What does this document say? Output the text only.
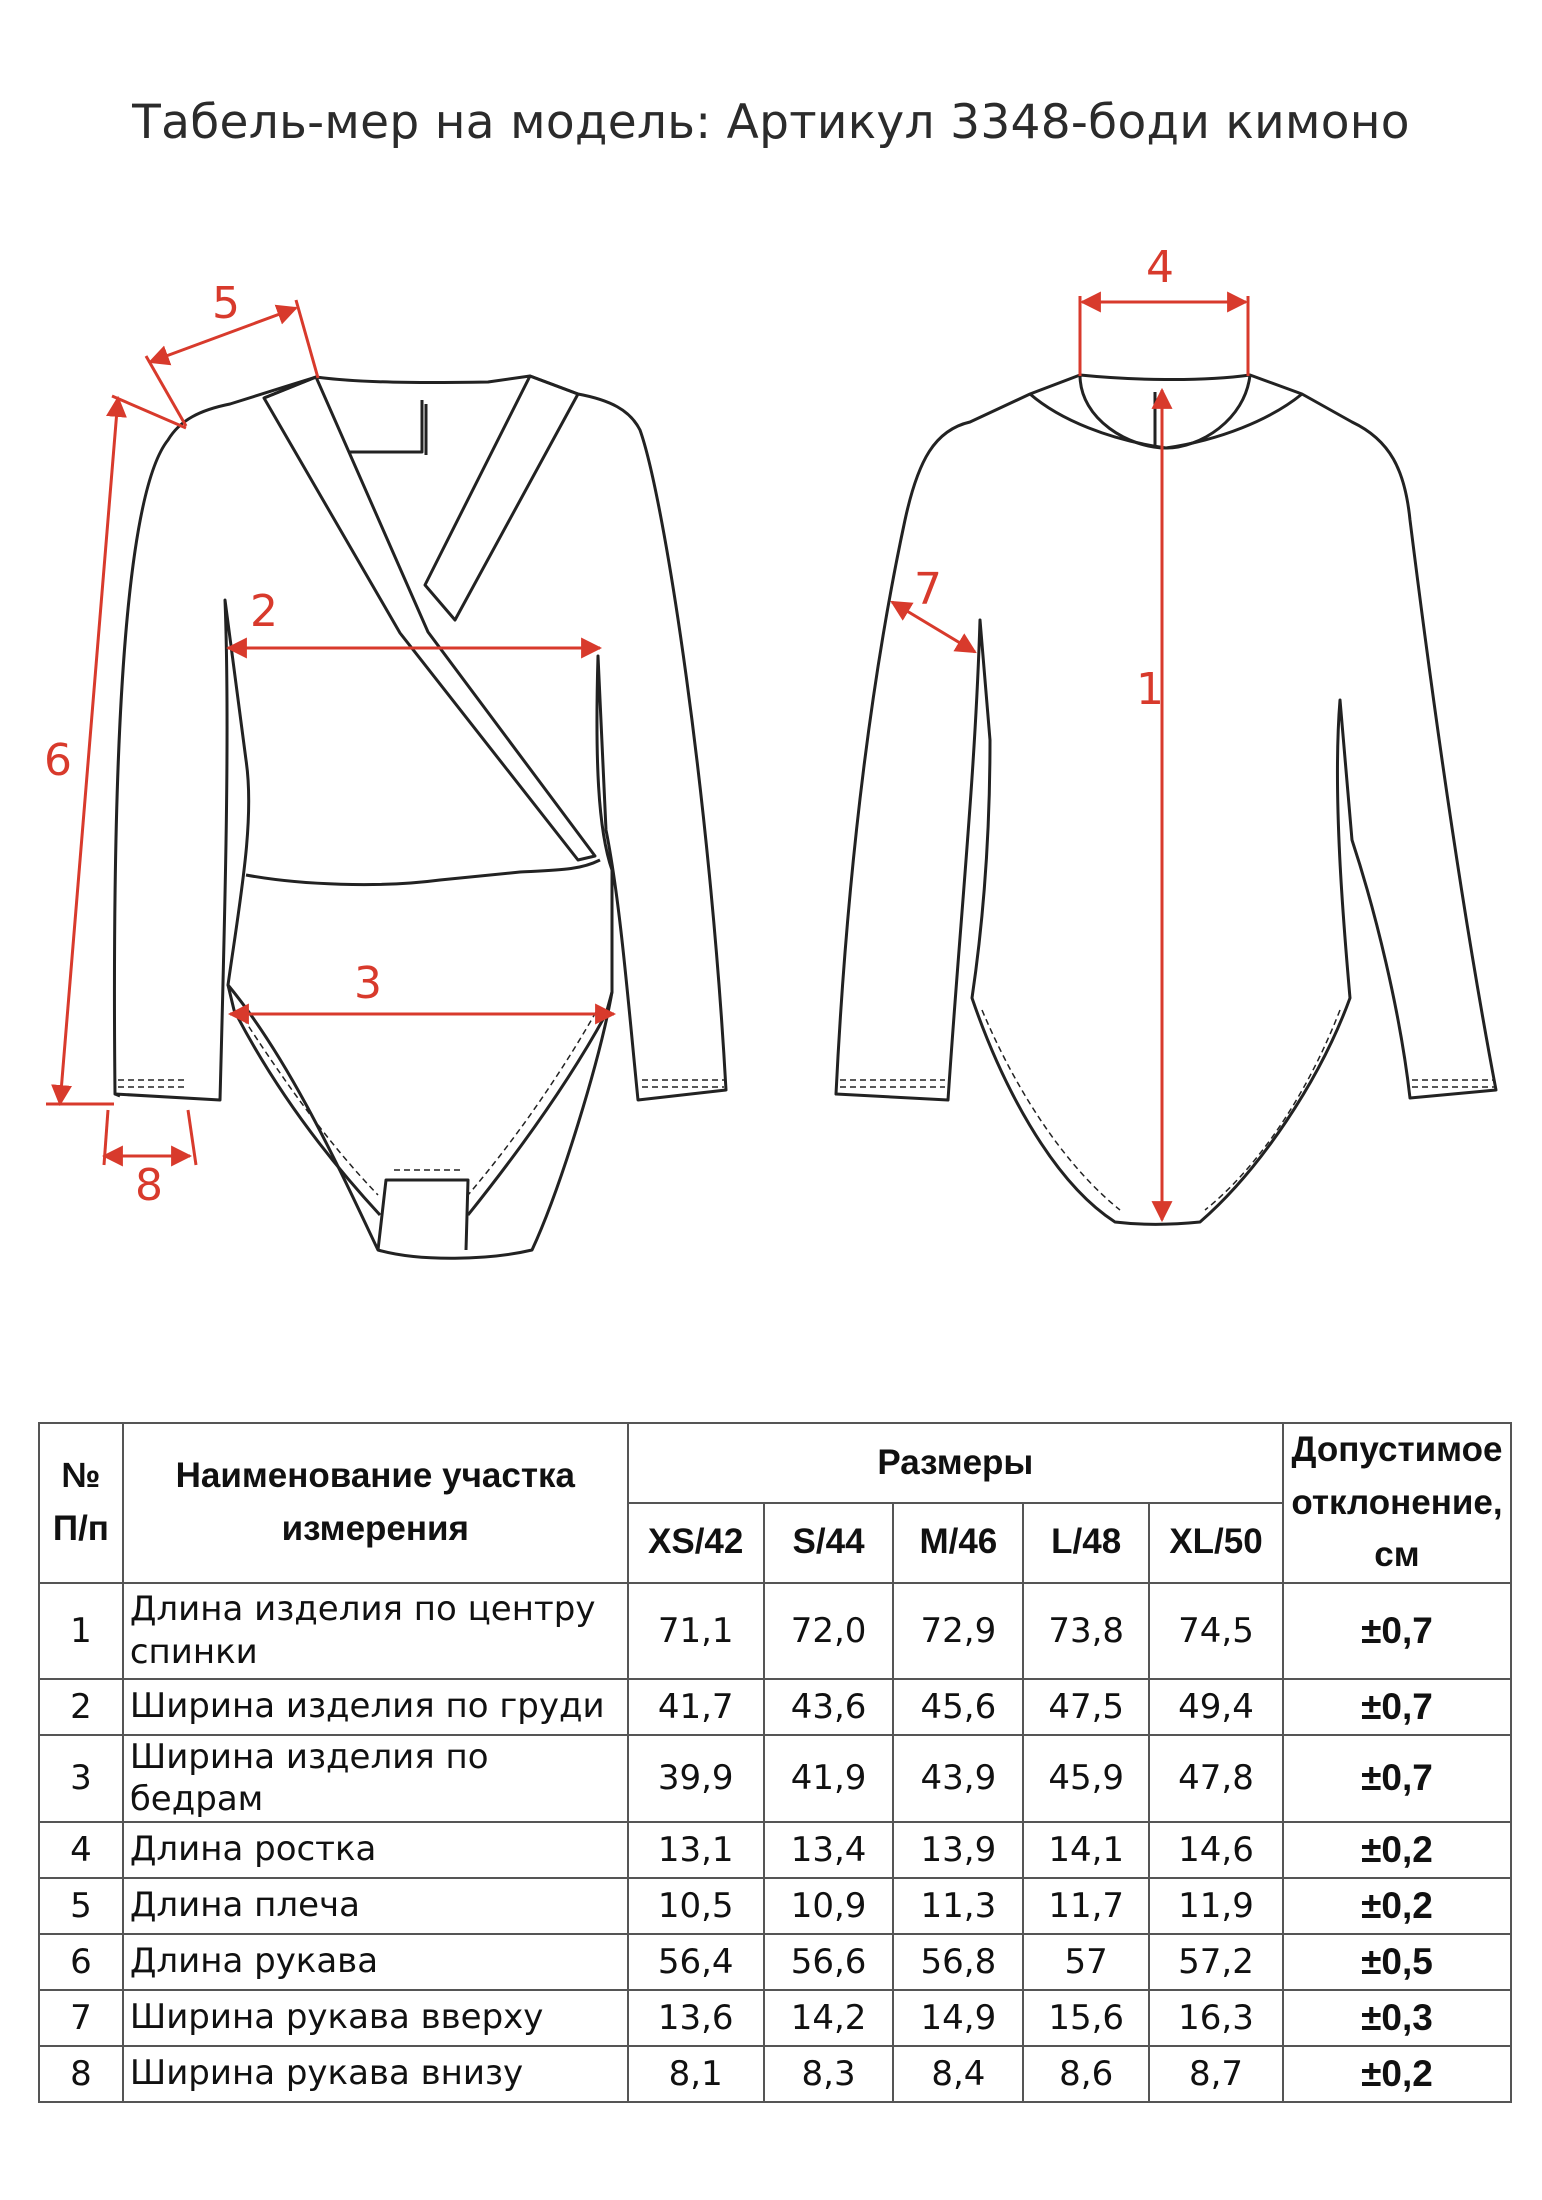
Табель-мер на модель: Артикул 3348-боди кимоно
5
6
8
2
3
4
1
7
№ П/п	Наименование участка измерения	Размеры					Допустимое отклонение, см
		XS/42	S/44	M/46	L/48	XL/50	
1	Длина изделия по центру спинки	71,1	72,0	72,9	73,8	74,5	±0,7
2	Ширина изделия по груди	41,7	43,6	45,6	47,5	49,4	±0,7
3	Ширина изделия по бедрам	39,9	41,9	43,9	45,9	47,8	±0,7
4	Длина ростка	13,1	13,4	13,9	14,1	14,6	±0,2
5	Длина плеча	10,5	10,9	11,3	11,7	11,9	±0,2
6	Длина рукава	56,4	56,6	56,8	57	57,2	±0,5
7	Ширина рукава вверху	13,6	14,2	14,9	15,6	16,3	±0,3
8	Ширина рукава внизу	8,1	8,3	8,4	8,6	8,7	±0,2
